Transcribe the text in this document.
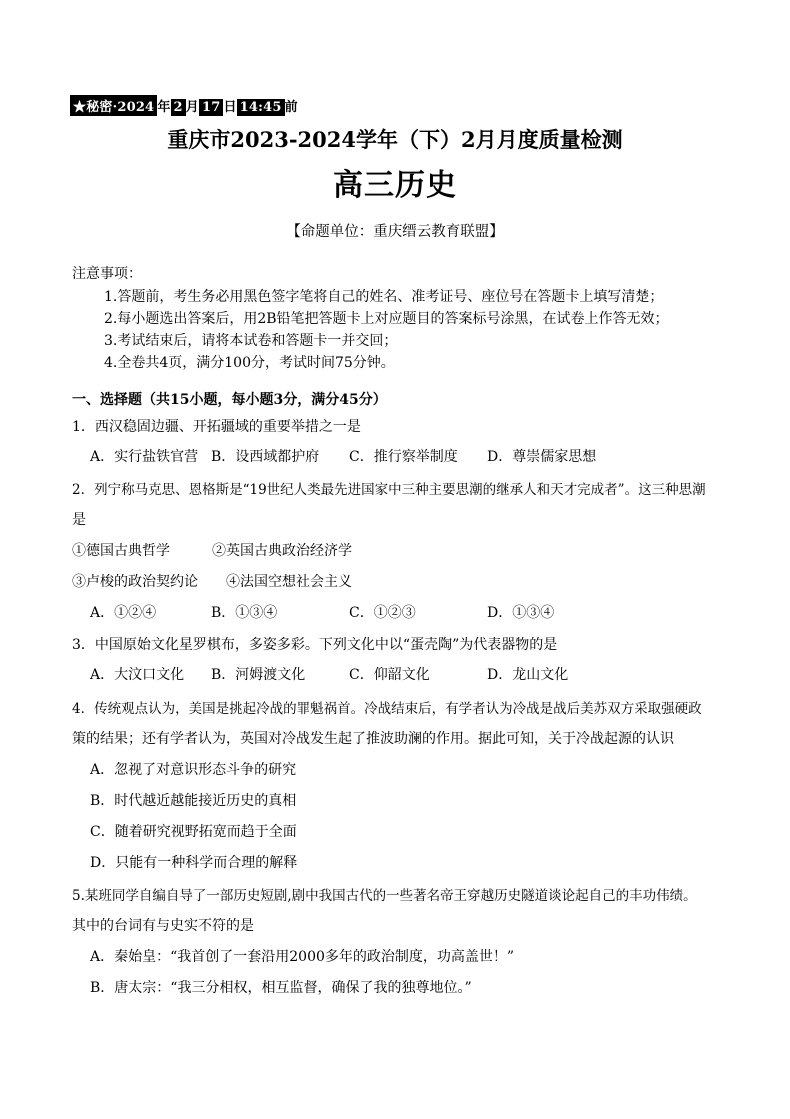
★秘密·2024 年 2 月 17 日 14:45 前
重庆市2023-2024学年（下）2月月度质量检测
高三历史
【命题单位：重庆缙云教育联盟】
注意事项：
1.答题前，考生务必用黑色签字笔将自己的姓名、准考证号、座位号在答题卡上填写清楚；
2.每小题选出答案后，用2B铅笔把答题卡上对应题目的答案标号涂黑，在试卷上作答无效；
3.考试结束后，请将本试卷和答题卡一并交回；
4.全卷共4页，满分100分，考试时间75分钟。
一、选择题（共15小题，每小题3分，满分45分）
1．西汉稳固边疆、开拓疆域的重要举措之一是
A．实行盐铁官营 B．设西域都护府 C．推行察举制度 D．尊崇儒家思想
2．列宁称马克思、恩格斯是“19世纪人类最先进国家中三种主要思潮的继承人和天才完成者”。这三种思潮
是
①德国古典哲学	②英国古典政治经济学
③卢梭的政治契约论 ④法国空想社会主义
A．①②④	B．①③④	C．①②③	D．①③④
3．中国原始文化星罗棋布，多姿多彩。下列文化中以“蛋壳陶”为代表器物的是
A．大汶口文化 B．河姆渡文化	C．仰韶文化	D．龙山文化
4．传统观点认为，美国是挑起冷战的罪魁祸首。冷战结束后，有学者认为冷战是战后美苏双方采取强硬政
策的结果；还有学者认为，英国对冷战发生起了推波助澜的作用。据此可知，关于冷战起源的认识
A．忽视了对意识形态斗争的研究
B．时代越近越能接近历史的真相
C．随着研究视野拓宽而趋于全面
D．只能有一种科学而合理的解释
5.某班同学自编自导了一部历史短剧,剧中我国古代的一些著名帝王穿越历史隧道谈论起自己的丰功伟绩。
其中的台词有与史实不符的是
A．秦始皇：“我首创了一套沿用2000多年的政治制度，功高盖世！”
B．唐太宗：“我三分相权，相互监督，确保了我的独尊地位。”
